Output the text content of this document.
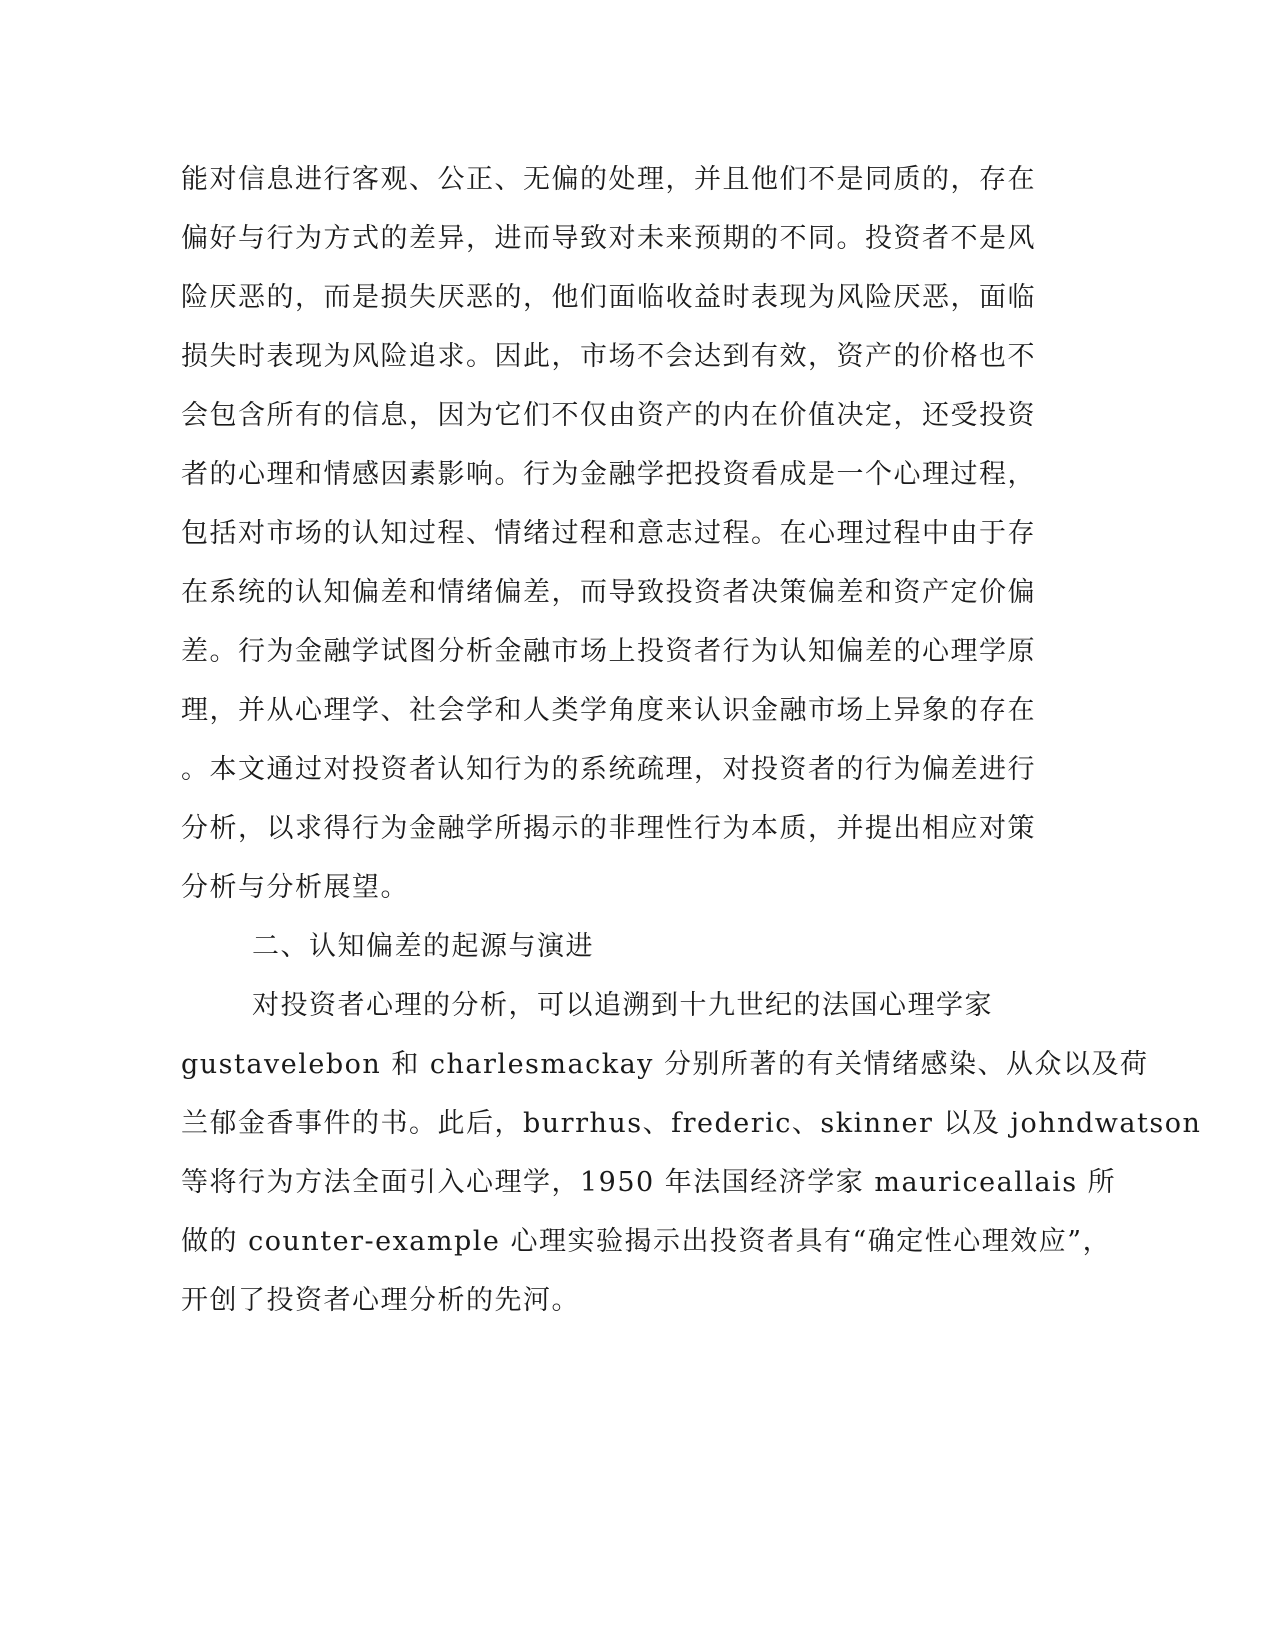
能对信息进行客观、公正、无偏的处理，并且他们不是同质的，存在
偏好与行为方式的差异，进而导致对未来预期的不同。投资者不是风
险厌恶的，而是损失厌恶的，他们面临收益时表现为风险厌恶，面临
损失时表现为风险追求。因此，市场不会达到有效，资产的价格也不
会包含所有的信息，因为它们不仅由资产的内在价值决定，还受投资
者的心理和情感因素影响。行为金融学把投资看成是一个心理过程，
包括对市场的认知过程、情绪过程和意志过程。在心理过程中由于存
在系统的认知偏差和情绪偏差，而导致投资者决策偏差和资产定价偏
差。行为金融学试图分析金融市场上投资者行为认知偏差的心理学原
理，并从心理学、社会学和人类学角度来认识金融市场上异象的存在
。本文通过对投资者认知行为的系统疏理，对投资者的行为偏差进行
分析，以求得行为金融学所揭示的非理性行为本质，并提出相应对策
分析与分析展望。
二、认知偏差的起源与演进
对投资者心理的分析，可以追溯到十九世纪的法国心理学家
gustavelebon 和 charlesmackay 分别所著的有关情绪感染、从众以及荷
兰郁金香事件的书。此后，burrhus、frederic、skinner 以及 johndwatson
等将行为方法全面引入心理学，1950 年法国经济学家 mauriceallais 所
做的 counter-example 心理实验揭示出投资者具有“确定性心理效应”，
开创了投资者心理分析的先河。
